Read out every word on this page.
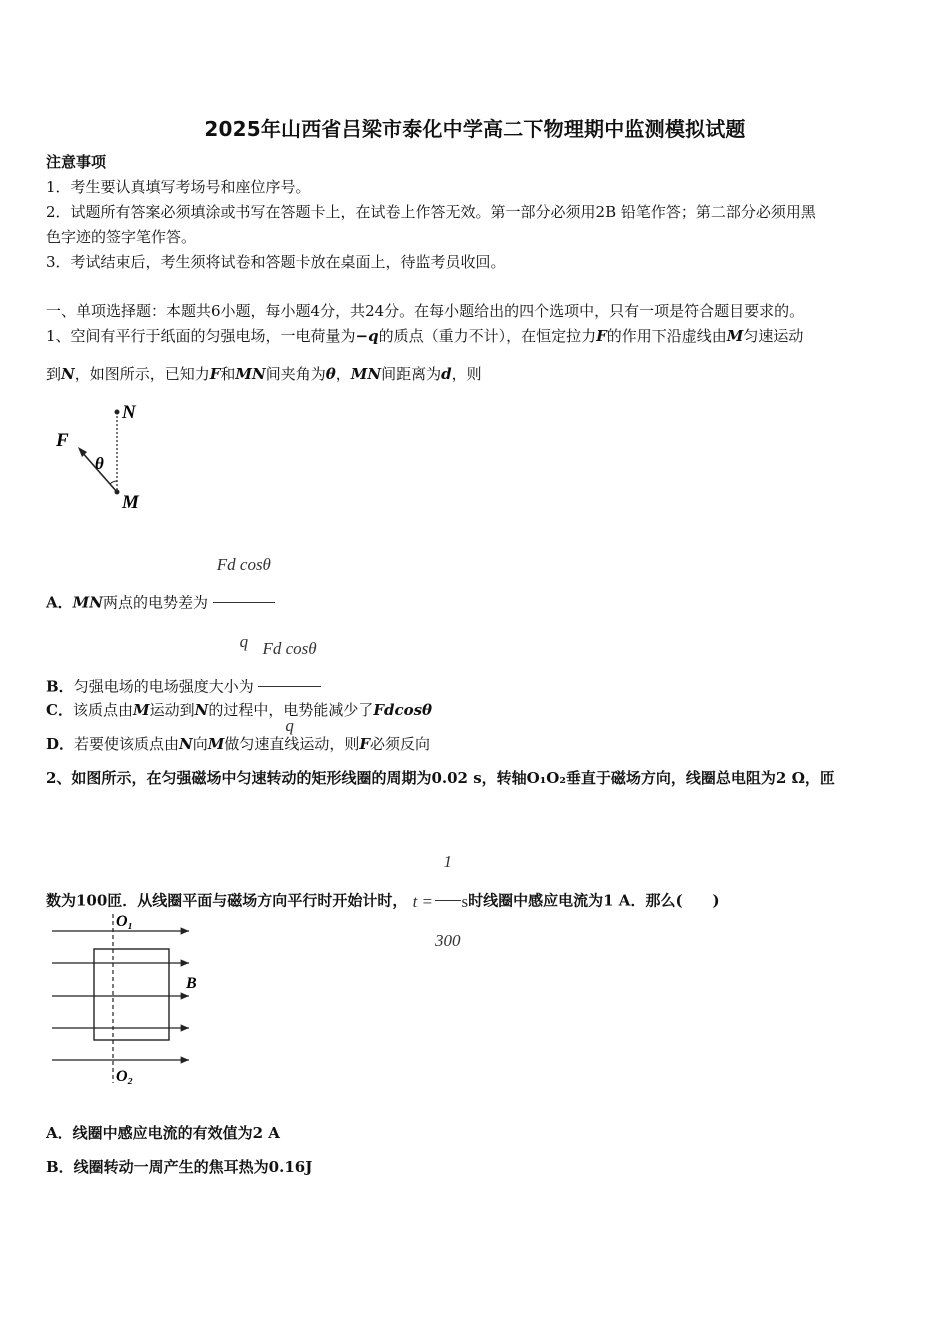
2025年山西省吕梁市泰化中学高二下物理期中监测模拟试题
注意事项
1．考生要认真填写考场号和座位序号。
2．试题所有答案必须填涂或书写在答题卡上，在试卷上作答无效。第一部分必须用2B 铅笔作答；第二部分必须用黑
色字迹的签字笔作答。
3．考试结束后，考生须将试卷和答题卡放在桌面上，待监考员收回。
一、单项选择题：本题共6小题，每小题4分，共24分。在每小题给出的四个选项中，只有一项是符合题目要求的。
1、空间有平行于纸面的匀强电场，一电荷量为−q的质点（重力不计），在恒定拉力F的作用下沿虚线由M匀速运动
到N，如图所示，已知力F和MN间夹角为θ，MN间距离为d，则
N
M
F
θ
A．MN两点的电势差为 $\frac{\text{Fd cosθ}}{q}$
B．匀强电场的电场强度大小为 $\frac{\text{Fd cosθ}}{q}$
C．该质点由M运动到N的过程中，电势能减少了Fdcosθ
D．若要使该质点由N向M做匀速直线运动，则F必须反向
2、如图所示，在匀强磁场中匀速转动的矩形线圈的周期为0.02 s，转轴O₁O₂垂直于磁场方向，线圈总电阻为2 Ω，匝
数为100匝．从线圈平面与磁场方向平行时开始计时， $t = \frac{1}{300}$ s时线圈中感应电流为1 A．那么(　　)
O₁
O₂
B
A．线圈中感应电流的有效值为2 A
B．线圈转动一周产生的焦耳热为0.16J
